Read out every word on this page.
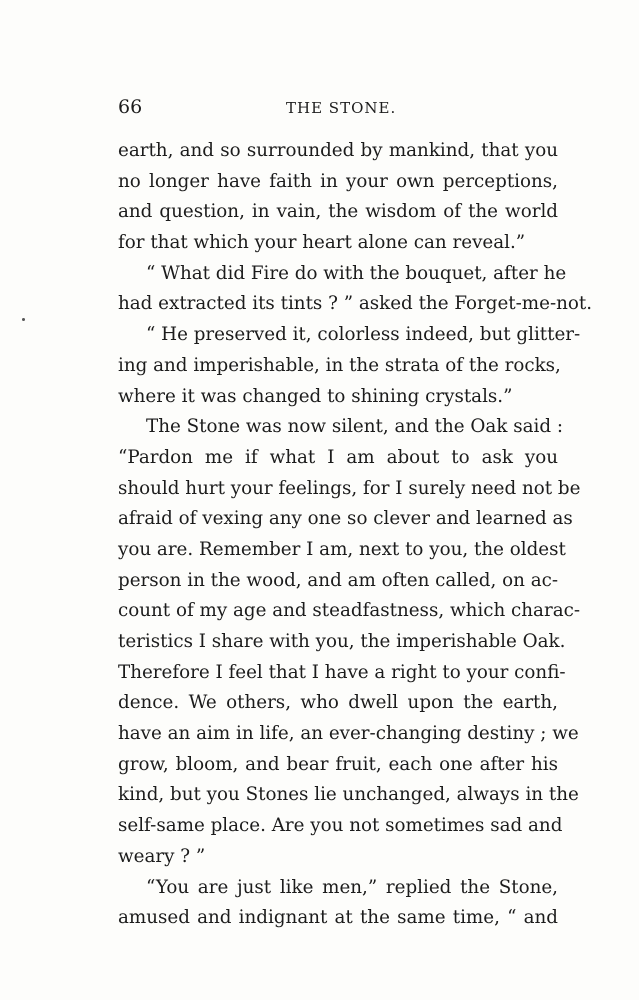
66	THE STONE.
earth, and so surrounded by mankind, that you
no longer have faith in your own perceptions,
and question, in vain, the wisdom of the world
for that which your heart alone can reveal.”
“ What did Fire do with the bouquet, after he
had extracted its tints ? ” asked the Forget-me-not.
“ He preserved it, colorless indeed, but glitter-
ing and imperishable, in the strata of the rocks,
where it was changed to shining crystals.”
The Stone was now silent, and the Oak said :
“Pardon me if what I am about to ask you
should hurt your feelings, for I surely need not be
afraid of vexing any one so clever and learned as
you are. Remember I am, next to you, the oldest
person in the wood, and am often called, on ac-
count of my age and steadfastness, which charac-
teristics I share with you, the imperishable Oak.
Therefore I feel that I have a right to your confi-
dence. We others, who dwell upon the earth,
have an aim in life, an ever-changing destiny ; we
grow, bloom, and bear fruit, each one after his
kind, but you Stones lie unchanged, always in the
self-same place. Are you not sometimes sad and
weary ? ”
“You are just like men,” replied the Stone,
amused and indignant at the same time, “ and
